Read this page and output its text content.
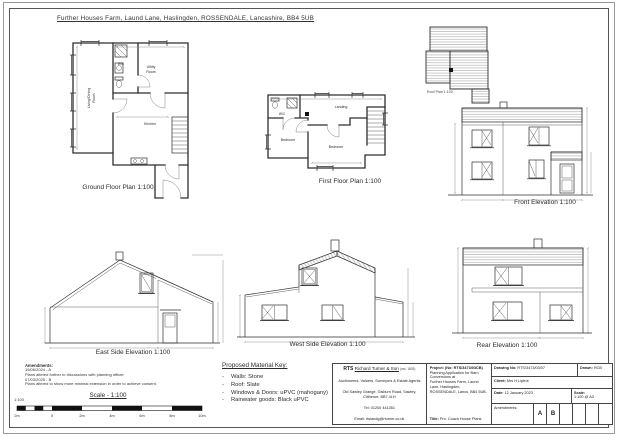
Further Houses Farm, Laund Lane, Haslingden, ROSSENDALE, Lancashire, BB4 5UB
Living/Dining Room
W/C
Utility
Room
Kitchen
Ground Floor Plan 1:100
W/C
Landing
Bedroom
Bedroom
First Floor Plan 1:100
Roof Plan 1:100
Front Elevation 1:100
East Side Elevation 1:100
West Side Elevation 1:100	Rear Elevation 1:100
Amendments:
19/06/2024 - A
Plans altered further to discussions with planning officer.
07/03/2025 - B
Plans altered to show more minimal extension in order to achieve consent.
Scale - 1:100
1:100
2m	0	2m	4m	6m	8m	10m
Proposed Material Key:
-	Walls: Stone
-	Roof: Slate
-	Windows & Doors: uPVC (mahogany)
-	Rainwater goods: Black uPVC
RTS Richard Turner & Son (est. 1803)
Auctioneers, Valuers, Surveyors & Estate Agents
Old Sawley Grange, Gisburn Road, Sawley, Clitheroe, BB7 4LH
Tel: 01200 441351
Email: rtslandg@rturner.co.uk
Project: (No: RTS/3473/03CB)
Planning Application for Barn Conversions at
Further Houses Farm, Laund Lane, Haslingden, ROSSENDALE, Lancs, BB4 5UB.
Title: Pro. Coach House Plans
Drawing No: RTS/3473/03/07	Drawn: RCB
Client: Mrs H Liptrot
Date: 12 January 2023	Scale:
1:100 @ A3
Amendments:
A	B
